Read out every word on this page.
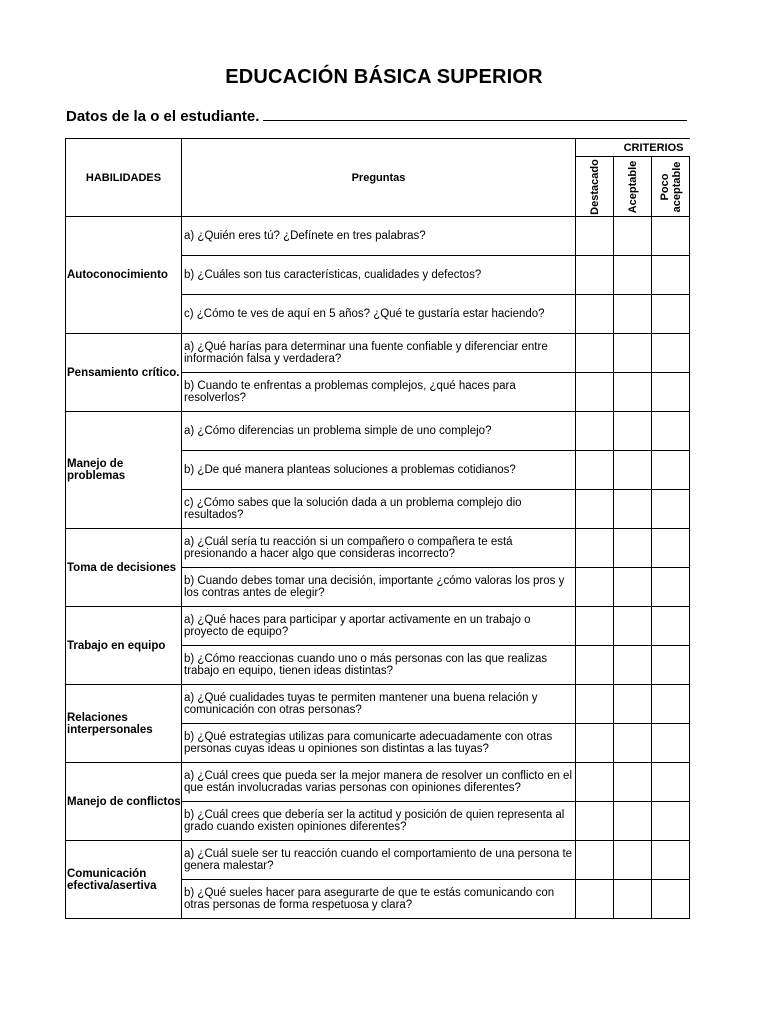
EDUCACIÓN BÁSICA SUPERIOR
Datos de la o el estudiante.
HABILIDADES	Preguntas	CRITERIOS		

		Destacado	Aceptable	Poco
aceptable

Autoconocimiento	a) ¿Quién eres tú? ¿Defínete en tres palabras?			
	b) ¿Cuáles son tus características, cualidades y defectos?			
	c) ¿Cómo te ves de aquí en 5 años? ¿Qué te gustaría estar haciendo?			
Pensamiento crítico.	a) ¿Qué harías para determinar una fuente confiable y diferenciar entre información falsa y verdadera?			
	b) Cuando te enfrentas a problemas complejos, ¿qué haces para resolverlos?			
Manejo de problemas	a) ¿Cómo diferencias un problema simple de uno complejo?			
	b) ¿De qué manera planteas soluciones a problemas cotidianos?			
	c) ¿Cómo sabes que la solución dada a un problema complejo dio resultados?			
Toma de decisiones	a) ¿Cuál sería tu reacción si un compañero o compañera te está presionando a hacer algo que consideras incorrecto?			
	b) Cuando debes tomar una decisión, importante ¿cómo valoras los pros y los contras antes de elegir?			
Trabajo en equipo	a) ¿Qué haces para participar y aportar activamente en un trabajo o proyecto de equipo?			
	b) ¿Cómo reaccionas cuando uno o más personas con las que realizas trabajo en equipo, tienen ideas distintas?			
Relaciones interpersonales	a) ¿Qué cualidades tuyas te permiten mantener una buena relación y comunicación con otras personas?			
	b) ¿Qué estrategias utilizas para comunicarte adecuadamente con otras personas cuyas ideas u opiniones son distintas a las tuyas?			
Manejo de conflictos	a) ¿Cuál crees que pueda ser la mejor manera de resolver un conflicto en el que están involucradas varias personas con opiniones diferentes?			
	b) ¿Cuál crees que debería ser la actitud y posición de quien representa al grado cuando existen opiniones diferentes?			
Comunicación efectiva/asertiva	a) ¿Cuál suele ser tu reacción cuando el comportamiento de una persona te genera malestar?			
	b) ¿Qué sueles hacer para asegurarte de que te estás comunicando con otras personas de forma respetuosa y clara?			
